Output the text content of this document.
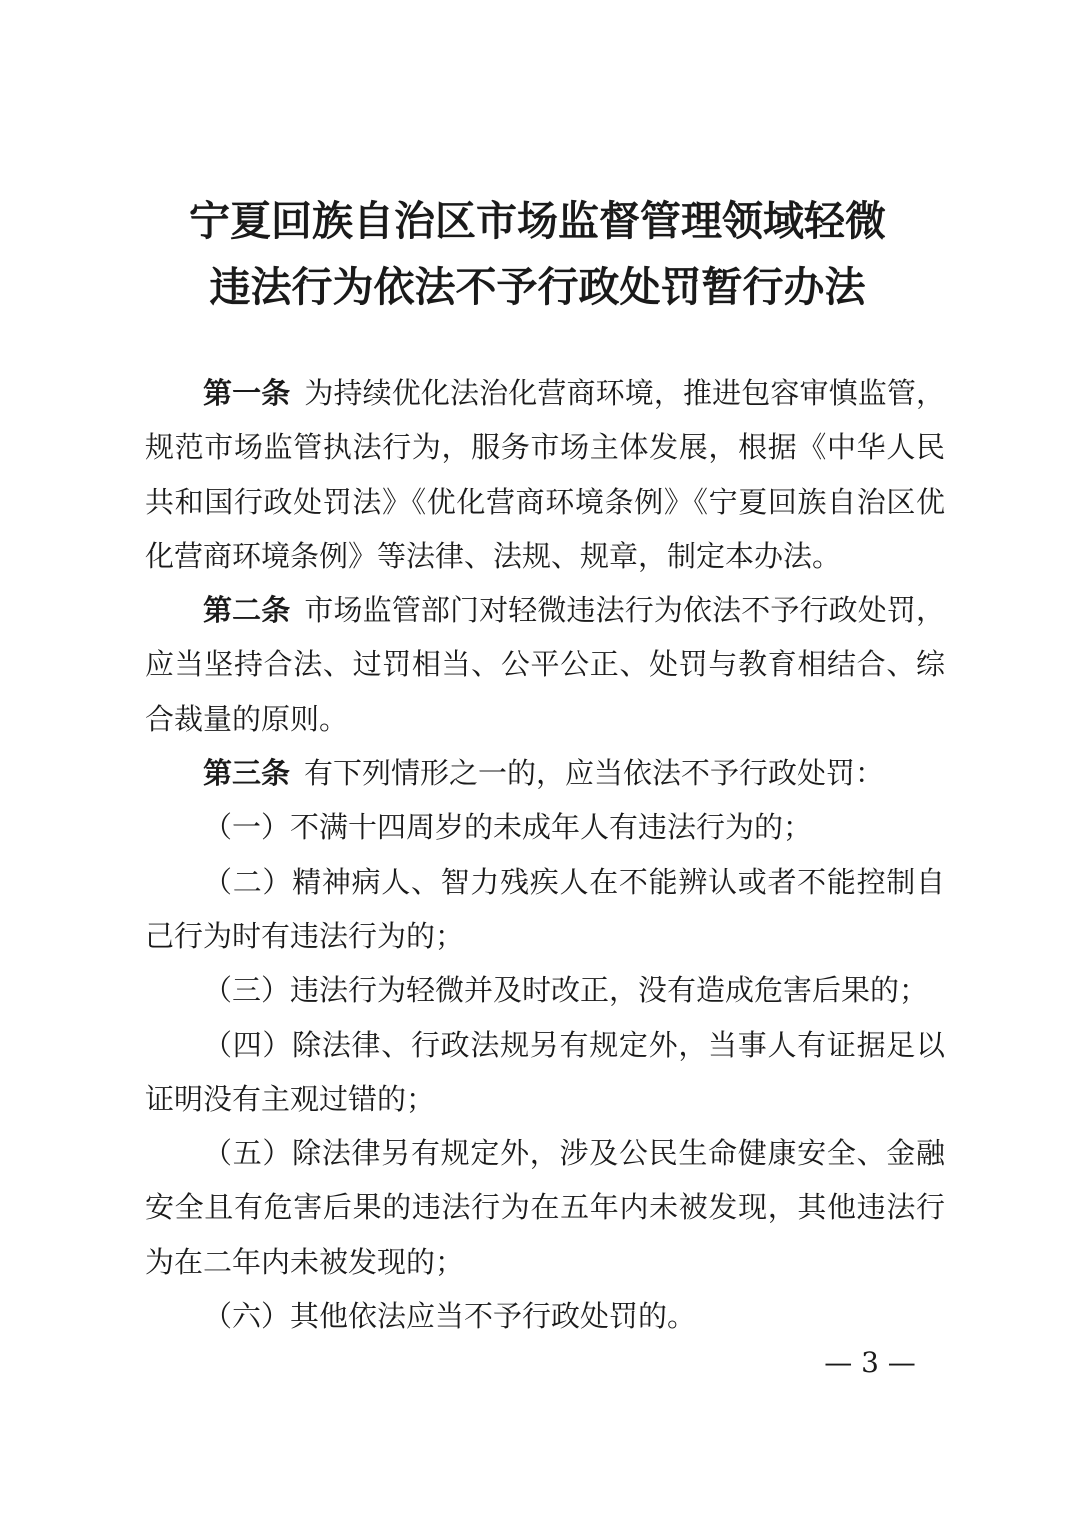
宁夏回族自治区市场监督管理领域轻微
违法行为依法不予行政处罚暂行办法

第一条 为持续优化法治化营商环境，推进包容审慎监管，规范市场监管执法行为，服务市场主体发展，根据《中华人民共和国行政处罚法》《优化营商环境条例》《宁夏回族自治区优化营商环境条例》等法律、法规、规章，制定本办法。

第二条 市场监管部门对轻微违法行为依法不予行政处罚，应当坚持合法、过罚相当、公平公正、处罚与教育相结合、综合裁量的原则。

第三条 有下列情形之一的，应当依法不予行政处罚：

（一）不满十四周岁的未成年人有违法行为的；

（二）精神病人、智力残疾人在不能辨认或者不能控制自己行为时有违法行为的；

（三）违法行为轻微并及时改正，没有造成危害后果的；

（四）除法律、行政法规另有规定外，当事人有证据足以证明没有主观过错的；

（五）除法律另有规定外，涉及公民生命健康安全、金融安全且有危害后果的违法行为在五年内未被发现，其他违法行为在二年内未被发现的；

（六）其他依法应当不予行政处罚的。

— 3 —
